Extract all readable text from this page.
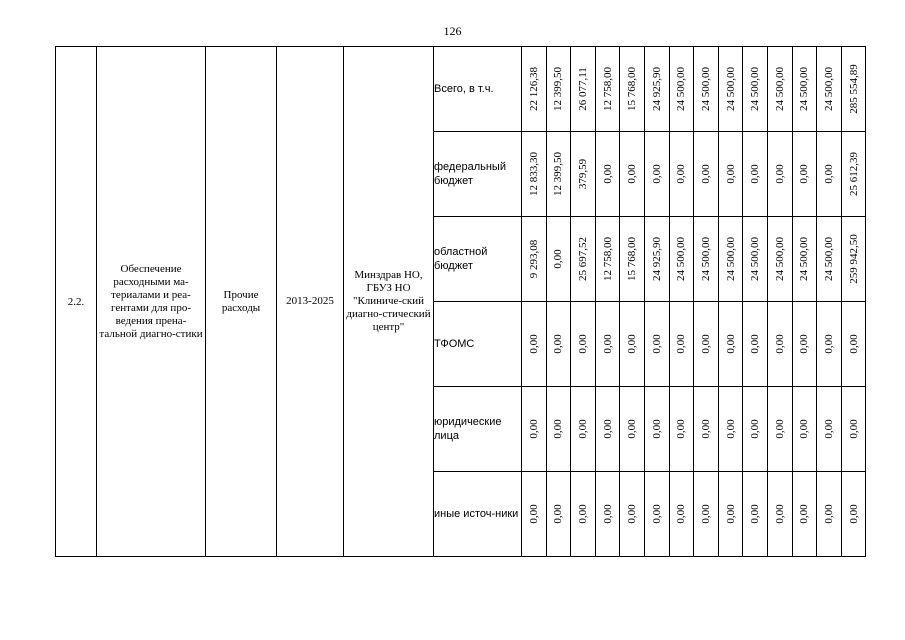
126
2.2.	Обеспечение расходными ма-териалами и реа-гентами для про-ведения прена-тальной диагно-стики	Прочие расходы	2013-2025	Минздрав НО, ГБУЗ НО "Клиниче-ский диагно-стический центр"	Всего, в т.ч.	22 126,38	12 399,50	26 077,11	12 758,00	15 768,00	24 925,90	24 500,00	24 500,00	24 500,00	24 500,00	24 500,00	24 500,00	24 500,00	285 554,89

					федеральный бюджет	12 833,30	12 399,50	379,59	0,00	0,00	0,00	0,00	0,00	0,00	0,00	0,00	0,00	0,00	25 612,39

					областной бюджет	9 293,08	0,00	25 697,52	12 758,00	15 768,00	24 925,90	24 500,00	24 500,00	24 500,00	24 500,00	24 500,00	24 500,00	24 500,00	259 942,50

					ТФОМС	0,00	0,00	0,00	0,00	0,00	0,00	0,00	0,00	0,00	0,00	0,00	0,00	0,00	0,00

					юридические лица	0,00	0,00	0,00	0,00	0,00	0,00	0,00	0,00	0,00	0,00	0,00	0,00	0,00	0,00

					иные источ-ники	0,00	0,00	0,00	0,00	0,00	0,00	0,00	0,00	0,00	0,00	0,00	0,00	0,00	0,00
